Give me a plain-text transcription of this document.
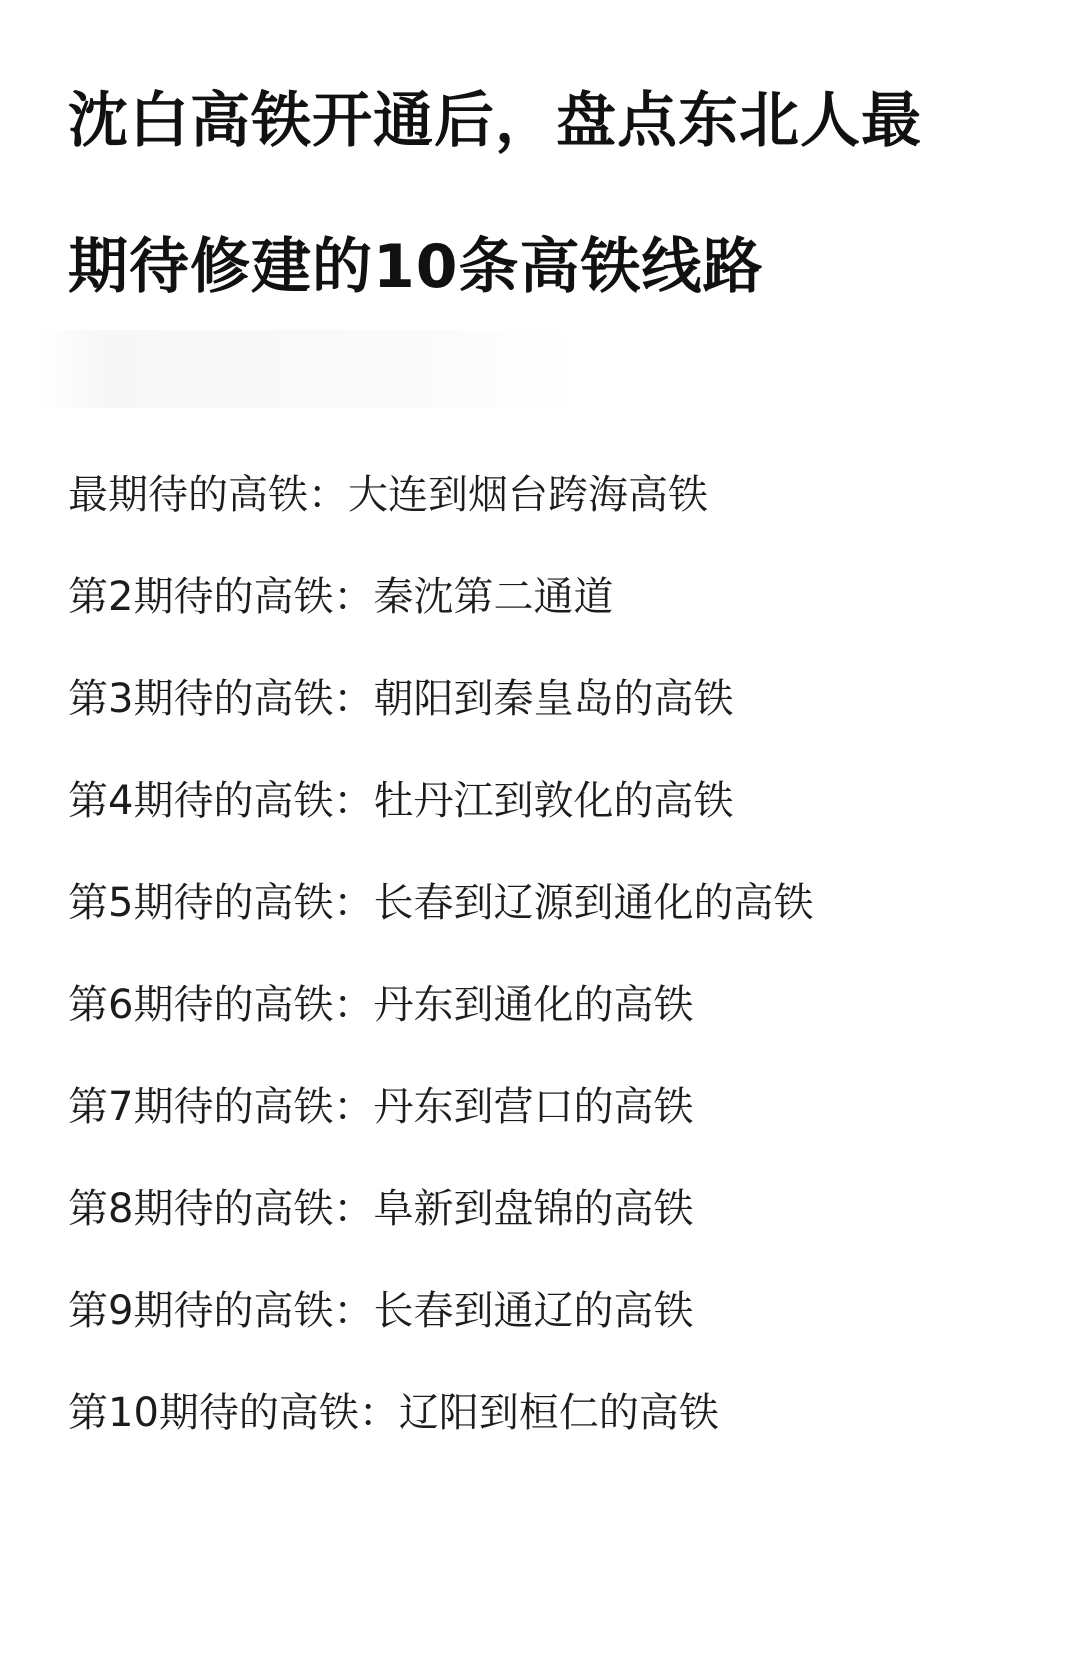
沈白高铁开通后，盘点东北人最
期待修建的10条高铁线路
最期待的高铁：大连到烟台跨海高铁
第2期待的高铁：秦沈第二通道
第3期待的高铁：朝阳到秦皇岛的高铁
第4期待的高铁：牡丹江到敦化的高铁
第5期待的高铁：长春到辽源到通化的高铁
第6期待的高铁：丹东到通化的高铁
第7期待的高铁：丹东到营口的高铁
第8期待的高铁：阜新到盘锦的高铁
第9期待的高铁：长春到通辽的高铁
第10期待的高铁：辽阳到桓仁的高铁
